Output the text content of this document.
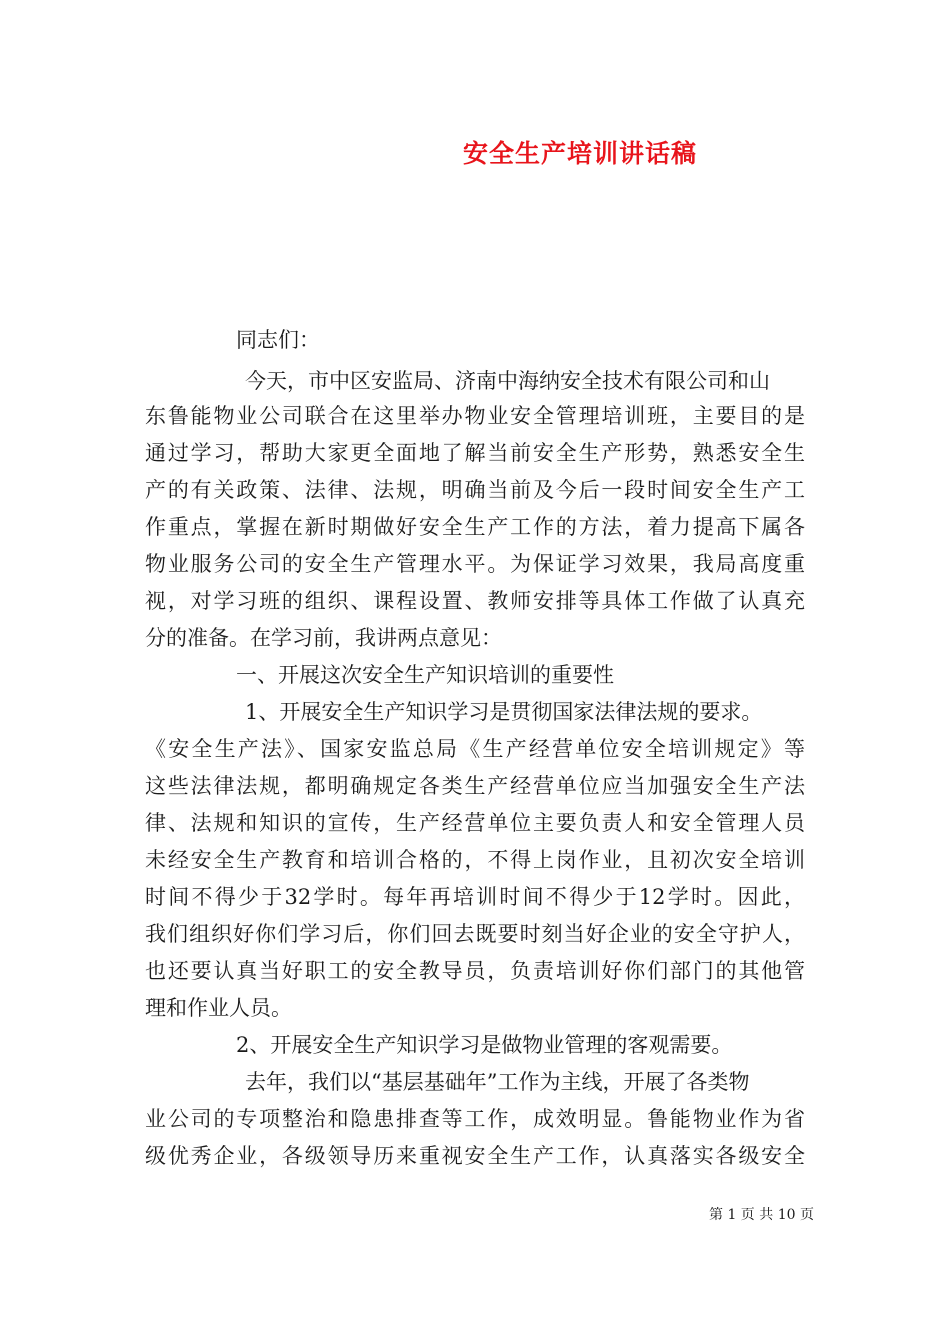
安全生产培训讲话稿
同志们：
今天，市中区安监局、济南中海纳安全技术有限公司和山
东鲁能物业公司联合在这里举办物业安全管理培训班，主要目的是
通过学习，帮助大家更全面地了解当前安全生产形势，熟悉安全生
产的有关政策、法律、法规，明确当前及今后一段时间安全生产工
作重点，掌握在新时期做好安全生产工作的方法，着力提高下属各
物业服务公司的安全生产管理水平。为保证学习效果，我局高度重
视，对学习班的组织、课程设置、教师安排等具体工作做了认真充
分的准备。在学习前，我讲两点意见：
一、开展这次安全生产知识培训的重要性
1、开展安全生产知识学习是贯彻国家法律法规的要求。
《安全生产法》、国家安监总局《生产经营单位安全培训规定》等
这些法律法规，都明确规定各类生产经营单位应当加强安全生产法
律、法规和知识的宣传，生产经营单位主要负责人和安全管理人员
未经安全生产教育和培训合格的，不得上岗作业，且初次安全培训
时间不得少于32学时。每年再培训时间不得少于12学时。因此，
我们组织好你们学习后，你们回去既要时刻当好企业的安全守护人，
也还要认真当好职工的安全教导员，负责培训好你们部门的其他管
理和作业人员。
2、开展安全生产知识学习是做物业管理的客观需要。
去年，我们以“基层基础年”工作为主线，开展了各类物
业公司的专项整治和隐患排查等工作，成效明显。鲁能物业作为省
级优秀企业，各级领导历来重视安全生产工作，认真落实各级安全
第 1 页 共 10 页
